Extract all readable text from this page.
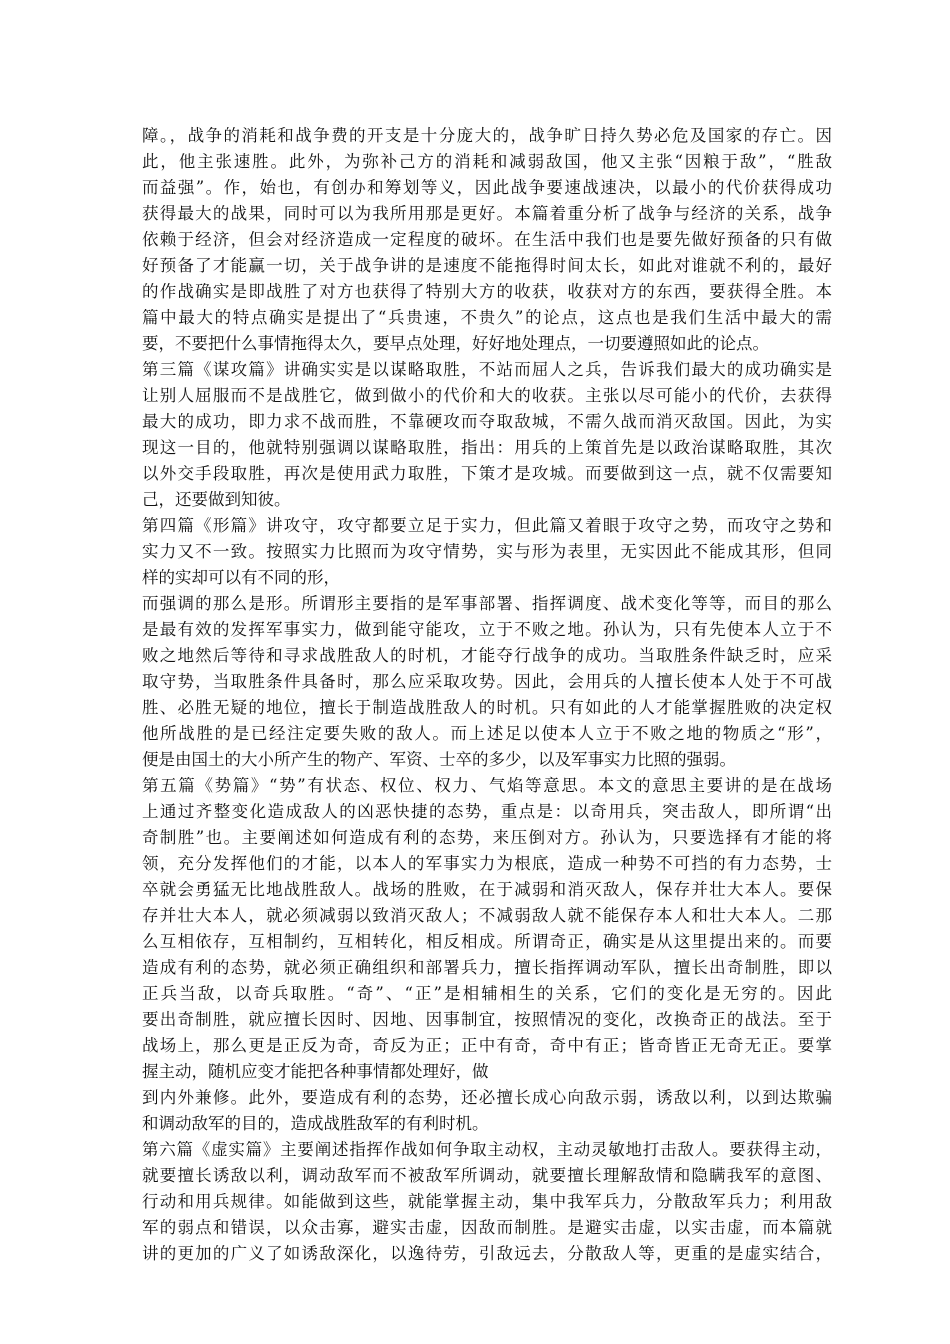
障。，战争的消耗和战争费的开支是十分庞大的，战争旷日持久势必危及国家的存亡。因
此，他主张速胜。此外，为弥补己方的消耗和减弱敌国，他又主张“因粮于敌”，“胜敌
而益强”。作，始也，有创办和筹划等义，因此战争要速战速决，以最小的代价获得成功
获得最大的战果，同时可以为我所用那是更好。本篇着重分析了战争与经济的关系，战争
依赖于经济，但会对经济造成一定程度的破坏。在生活中我们也是要先做好预备的只有做
好预备了才能赢一切，关于战争讲的是速度不能拖得时间太长，如此对谁就不利的，最好
的作战确实是即战胜了对方也获得了特别大方的收获，收获对方的东西，要获得全胜。本
篇中最大的特点确实是提出了“兵贵速，不贵久”的论点，这点也是我们生活中最大的需
要，不要把什么事情拖得太久，要早点处理，好好地处理点，一切要遵照如此的论点。
第三篇《谋攻篇》讲确实实是以谋略取胜，不站而屈人之兵，告诉我们最大的成功确实是
让别人屈服而不是战胜它，做到做小的代价和大的收获。主张以尽可能小的代价，去获得
最大的成功，即力求不战而胜，不靠硬攻而夺取敌城，不需久战而消灭敌国。因此，为实
现这一目的，他就特别强调以谋略取胜，指出：用兵的上策首先是以政治谋略取胜，其次
以外交手段取胜，再次是使用武力取胜，下策才是攻城。而要做到这一点，就不仅需要知
己，还要做到知彼。
第四篇《形篇》讲攻守，攻守都要立足于实力，但此篇又着眼于攻守之势，而攻守之势和
实力又不一致。按照实力比照而为攻守情势，实与形为表里，无实因此不能成其形，但同
样的实却可以有不同的形，
而强调的那么是形。所谓形主要指的是军事部署、指挥调度、战术变化等等，而目的那么
是最有效的发挥军事实力，做到能守能攻，立于不败之地。孙认为，只有先使本人立于不
败之地然后等待和寻求战胜敌人的时机，才能夺行战争的成功。当取胜条件缺乏时，应采
取守势，当取胜条件具备时，那么应采取攻势。因此，会用兵的人擅长使本人处于不可战
胜、必胜无疑的地位，擅长于制造战胜敌人的时机。只有如此的人才能掌握胜败的决定权
他所战胜的是已经注定要失败的敌人。而上述足以使本人立于不败之地的物质之“形”，
便是由国土的大小所产生的物产、军资、士卒的多少，以及军事实力比照的强弱。
第五篇《势篇》“势”有状态、权位、权力、气焰等意思。本文的意思主要讲的是在战场
上通过齐整变化造成敌人的凶恶快捷的态势，重点是：以奇用兵，突击敌人，即所谓“出
奇制胜”也。主要阐述如何造成有利的态势，来压倒对方。孙认为，只要选择有才能的将
领，充分发挥他们的才能，以本人的军事实力为根底，造成一种势不可挡的有力态势，士
卒就会勇猛无比地战胜敌人。战场的胜败，在于减弱和消灭敌人，保存并壮大本人。要保
存并壮大本人，就必须减弱以致消灭敌人；不减弱敌人就不能保存本人和壮大本人。二那
么互相依存，互相制约，互相转化，相反相成。所谓奇正，确实是从这里提出来的。而要
造成有利的态势，就必须正确组织和部署兵力，擅长指挥调动军队，擅长出奇制胜，即以
正兵当敌，以奇兵取胜。“奇”、“正”是相辅相生的关系，它们的变化是无穷的。因此
要出奇制胜，就应擅长因时、因地、因事制宜，按照情况的变化，改换奇正的战法。至于
战场上，那么更是正反为奇，奇反为正；正中有奇，奇中有正；皆奇皆正无奇无正。要掌
握主动，随机应变才能把各种事情都处理好，做
到内外兼修。此外，要造成有利的态势，还必擅长成心向敌示弱，诱敌以利，以到达欺骗
和调动敌军的目的，造成战胜敌军的有利时机。
第六篇《虚实篇》主要阐述指挥作战如何争取主动权，主动灵敏地打击敌人。要获得主动，
就要擅长诱敌以利，调动敌军而不被敌军所调动，就要擅长理解敌情和隐瞒我军的意图、
行动和用兵规律。如能做到这些，就能掌握主动，集中我军兵力，分散敌军兵力；利用敌
军的弱点和错误，以众击寡，避实击虚，因敌而制胜。是避实击虚，以实击虚，而本篇就
讲的更加的广义了如诱敌深化，以逸待劳，引敌远去，分散敌人等，更重的是虚实结合，
